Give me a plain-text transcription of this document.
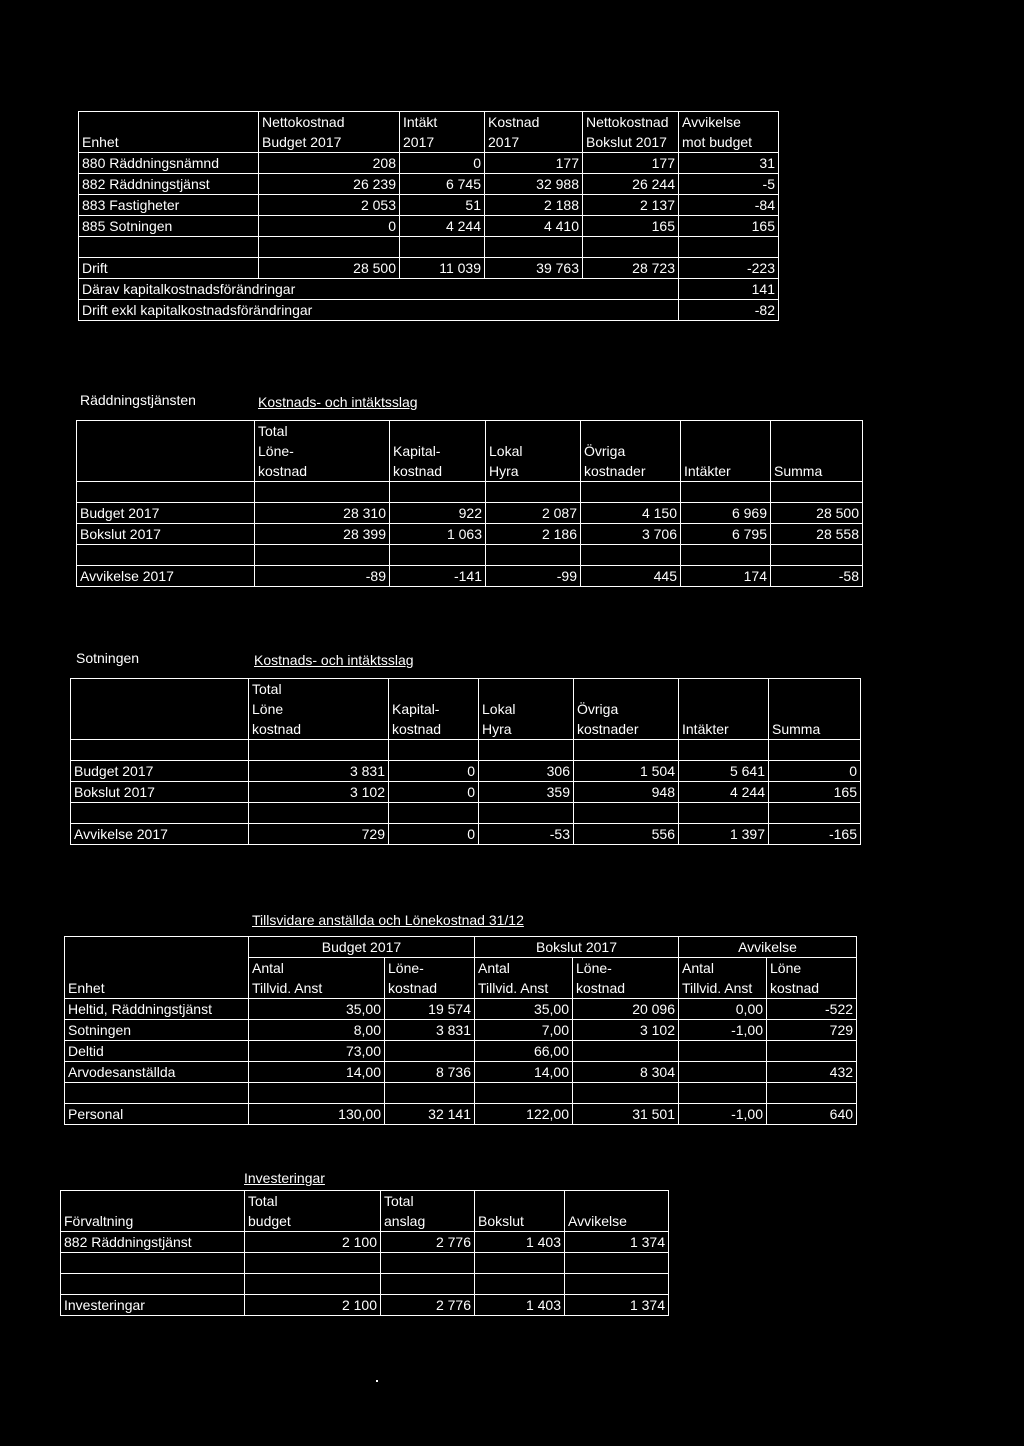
	Nettokostnad	Intäkt	Kostnad	Nettokostnad	Avvikelse
Enhet	Budget 2017	2017	2017	Bokslut 2017	mot budget
880 Räddningsnämnd	208	0	177	177	31
882 Räddningstjänst	26 239	6 745	32 988	26 244	-5
883 Fastigheter	2 053	51	2 188	2 137	-84
885 Sotningen	0	4 244	4 410	165	165

Drift	28 500	11 039	39 763	28 723	-223
Därav kapitalkostnadsförändringar					141
Drift exkl kapitalkostnadsförändringar					-82
Räddningstjänsten	Kostnads- och intäktsslag
	Total					
	Löne-	Kapital-	Lokal	Övriga		
	kostnad	kostnad	Hyra	kostnader	Intäkter	Summa

Budget 2017	28 310	922	2 087	4 150	6 969	28 500
Bokslut 2017	28 399	1 063	2 186	3 706	6 795	28 558

Avvikelse 2017	-89	-141	-99	445	174	-58
Sotningen	Kostnads- och intäktsslag
	Total					
	Löne	Kapital-	Lokal	Övriga		
	kostnad	kostnad	Hyra	kostnader	Intäkter	Summa

Budget 2017	3 831	0	306	1 504	5 641	0
Bokslut 2017	3 102	0	359	948	4 244	165

Avvikelse 2017	729	0	-53	556	1 397	-165
Tillsvidare anställda och Lönekostnad 31/12
	Budget 2017		Bokslut 2017		Avvikelse	
	Antal	Löne-	Antal	Löne-	Antal	Löne
Enhet	Tillvid. Anst	kostnad	Tillvid. Anst	kostnad	Tillvid. Anst	kostnad
Heltid, Räddningstjänst	35,00	19 574	35,00	20 096	0,00	-522
Sotningen	8,00	3 831	7,00	3 102	-1,00	729
Deltid	73,00		66,00			
Arvodesanställda	14,00	8 736	14,00	8 304		432

Personal	130,00	32 141	122,00	31 501	-1,00	640
Investeringar
	Total	Total		
Förvaltning	budget	anslag	Bokslut	Avvikelse
882 Räddningstjänst	2 100	2 776	1 403	1 374

Investeringar	2 100	2 776	1 403	1 374
